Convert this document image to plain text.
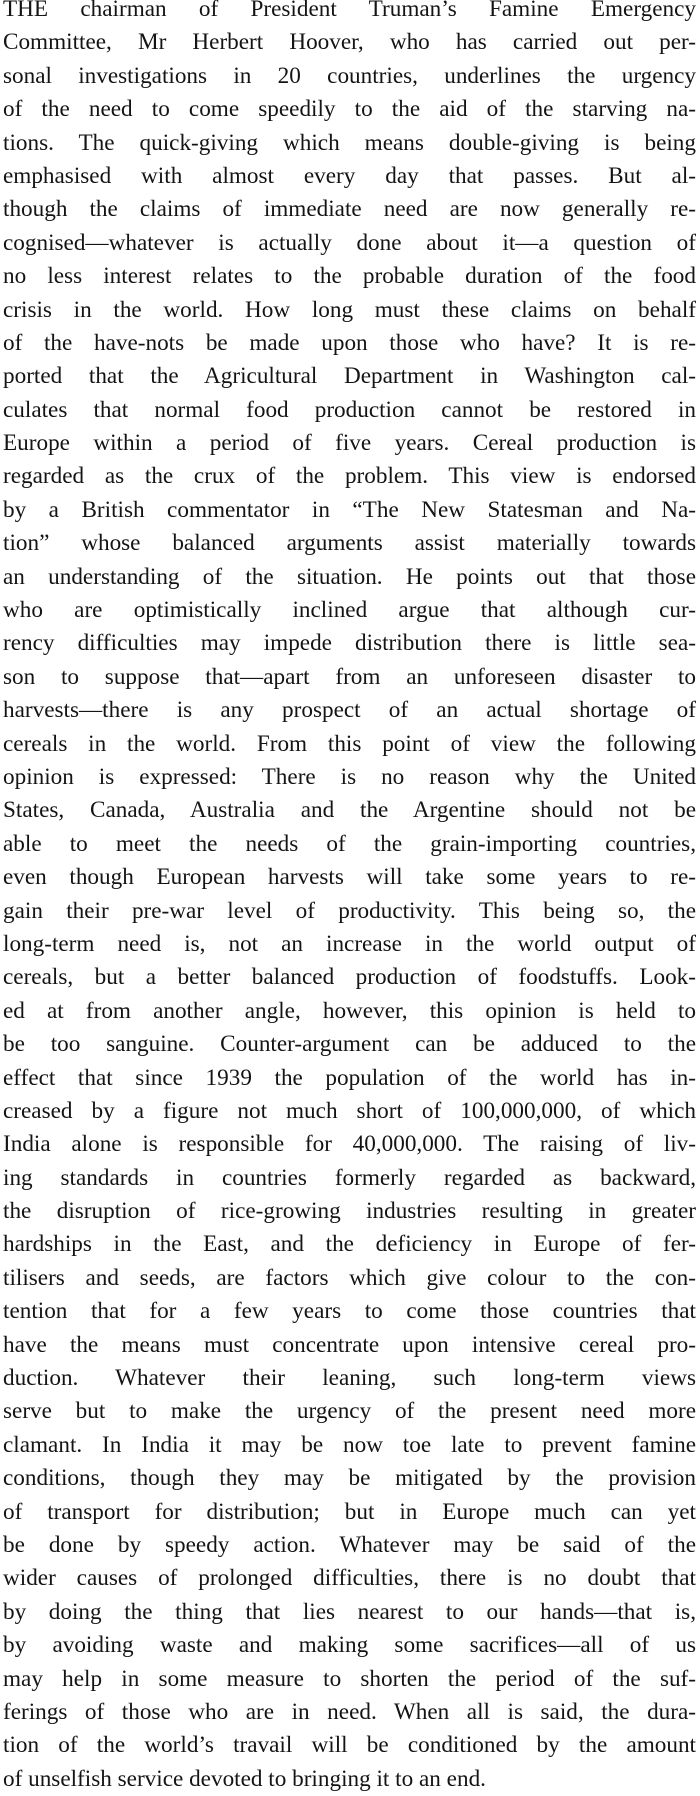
THE chairman of President Truman’s Famine Emergency
Committee, Mr Herbert Hoover, who has carried out per-
sonal investigations in 20 countries, underlines the urgency
of the need to come speedily to the aid of the starving na-
tions. The quick-giving which means double-giving is being
emphasised with almost every day that passes. But al-
though the claims of immediate need are now generally re-
cognised—whatever is actually done about it—a question of
no less interest relates to the probable duration of the food
crisis in the world. How long must these claims on behalf
of the have-nots be made upon those who have? It is re-
ported that the Agricultural Department in Washington cal-
culates that normal food production cannot be restored in
Europe within a period of five years. Cereal production is
regarded as the crux of the problem. This view is endorsed
by a British commentator in “The New Statesman and Na-
tion” whose balanced arguments assist materially towards
an understanding of the situation. He points out that those
who are optimistically inclined argue that although cur-
rency difficulties may impede distribution there is little sea-
son to suppose that—apart from an unforeseen disaster to
harvests—there is any prospect of an actual shortage of
cereals in the world. From this point of view the following
opinion is expressed: There is no reason why the United
States, Canada, Australia and the Argentine should not be
able to meet the needs of the grain-importing countries,
even though European harvests will take some years to re-
gain their pre-war level of productivity. This being so, the
long-term need is, not an increase in the world output of
cereals, but a better balanced production of foodstuffs. Look-
ed at from another angle, however, this opinion is held to
be too sanguine. Counter-argument can be adduced to the
effect that since 1939 the population of the world has in-
creased by a figure not much short of 100,000,000, of which
India alone is responsible for 40,000,000. The raising of liv-
ing standards in countries formerly regarded as backward,
the disruption of rice-growing industries resulting in greater
hardships in the East, and the deficiency in Europe of fer-
tilisers and seeds, are factors which give colour to the con-
tention that for a few years to come those countries that
have the means must concentrate upon intensive cereal pro-
duction. Whatever their leaning, such long-term views
serve but to make the urgency of the present need more
clamant. In India it may be now toe late to prevent famine
conditions, though they may be mitigated by the provision
of transport for distribution; but in Europe much can yet
be done by speedy action. Whatever may be said of the
wider causes of prolonged difficulties, there is no doubt that
by doing the thing that lies nearest to our hands—that is,
by avoiding waste and making some sacrifices—all of us
may help in some measure to shorten the period of the suf-
ferings of those who are in need. When all is said, the dura-
tion of the world’s travail will be conditioned by the amount
of unselfish service devoted to bringing it to an end.
